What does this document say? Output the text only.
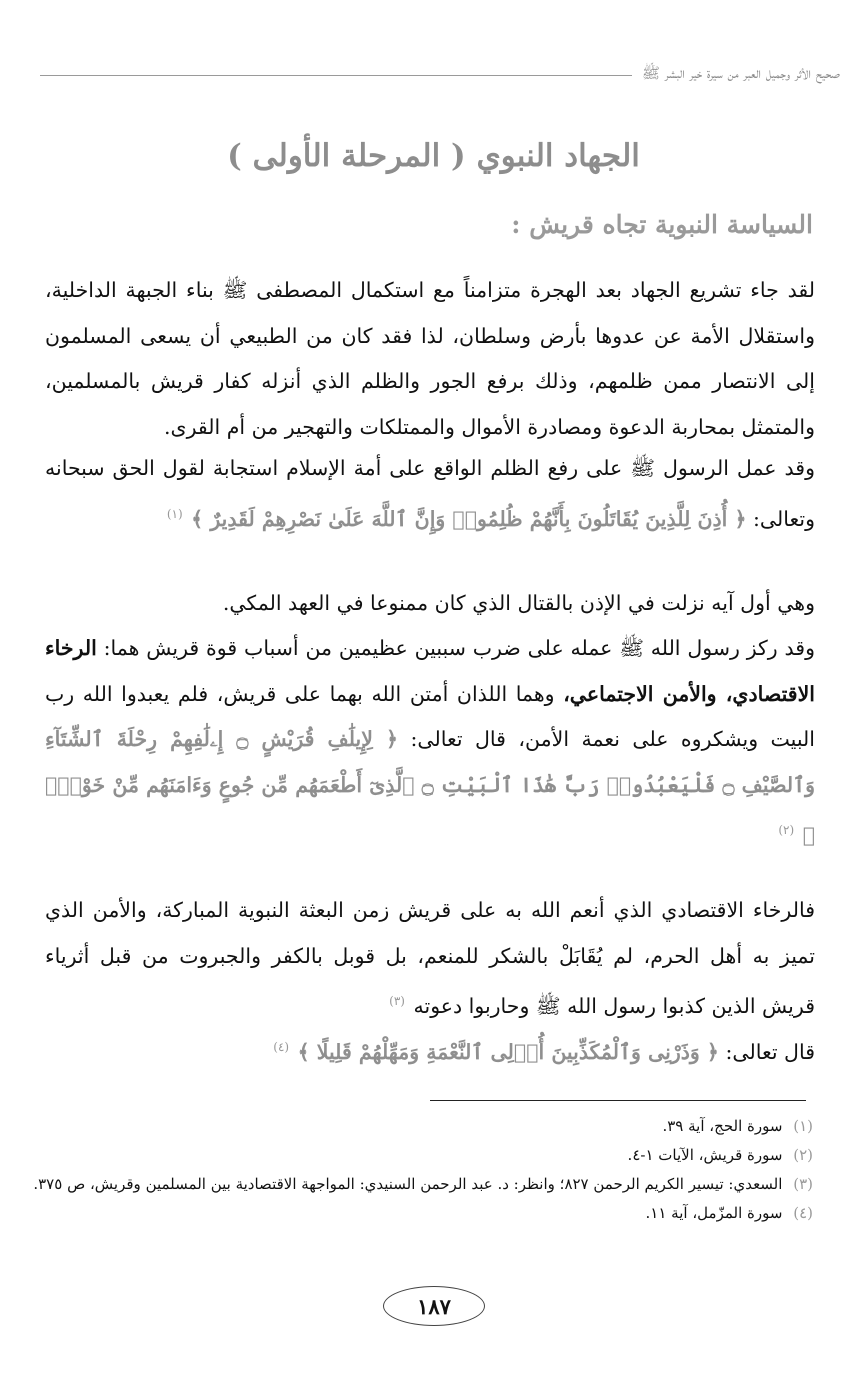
صحيح الأثر وجميل العبر من سيرة خير البشر ﷺ
الجهاد النبوي ( المرحلة الأولى )
السياسة النبوية تجاه قريش :

لقد جاء تشريع الجهاد بعد الهجرة متزامناً مع استكمال المصطفى ﷺ بناء الجبهة الداخلية، واستقلال الأمة عن عدوها بأرض وسلطان، لذا فقد كان من الطبيعي أن يسعى المسلمون إلى الانتصار ممن ظلمهم، وذلك برفع الجور والظلم الذي أنزله كفار قريش بالمسلمين، والمتمثل بمحاربة الدعوة ومصادرة الأموال والممتلكات والتهجير من أم القرى.

وقد عمل الرسول ﷺ على رفع الظلم الواقع على أمة الإسلام استجابة لقول الحق سبحانه وتعالى: ﴿ أُذِنَ لِلَّذِينَ يُقَاتَلُونَ بِأَنَّهُمْ ظُلِمُوا۟ وَإِنَّ ٱللَّهَ عَلَىٰ نَصْرِهِمْ لَقَدِيرٌ ﴾ $^{(١)}$

وهي أول آيه نزلت في الإذن بالقتال الذي كان ممنوعا في العهد المكي.

وقد ركز رسول الله ﷺ عمله على ضرب سببين عظيمين من أسباب قوة قريش هما: الرخاء الاقتصادي، والأمن الاجتماعي، وهما اللذان أمتن الله بهما على قريش، فلم يعبدوا الله رب البيت ويشكروه على نعمة الأمن، قال تعالى: ﴿ لِإِيلَٰفِ قُرَيْشٍ ۝ إِۦلَٰفِهِمْ رِحْلَةَ ٱلشِّتَآءِ وَٱلصَّيْفِ ۝ فَلْيَعْبُدُوا۟ رَبَّ هَٰذَا ٱلْبَيْتِ ۝ ٱلَّذِىٓ أَطْعَمَهُم مِّن جُوعٍ وَءَامَنَهُم مِّنْ خَوْفٍۭ ﴾ $^{(٢)}$

فالرخاء الاقتصادي الذي أنعم الله به على قريش زمن البعثة النبوية المباركة، والأمن الذي تميز به أهل الحرم، لم يُقَابَلْ بالشكر للمنعم، بل قوبل بالكفر والجبروت من قبل أثرياء قريش الذين كذبوا رسول الله ﷺ وحاربوا دعوته $^{(٣)}$

قال تعالى: ﴿ وَذَرْنِى وَٱلْمُكَذِّبِينَ أُو۟لِى ٱلنَّعْمَةِ وَمَهِّلْهُمْ قَلِيلًا ﴾ $^{(٤)}$

(١) سورة الحج، آية ٣٩.
(٢) سورة قريش، الآيات ١-٤.
(٣) السعدي: تيسير الكريم الرحمن ٨٢٧؛ وانظر: د. عبد الرحمن السنيدي: المواجهة الاقتصادية بين المسلمين وقريش، ص ٣٧٥.
(٤) سورة المزّمل، آية ١١.
١٨٧
